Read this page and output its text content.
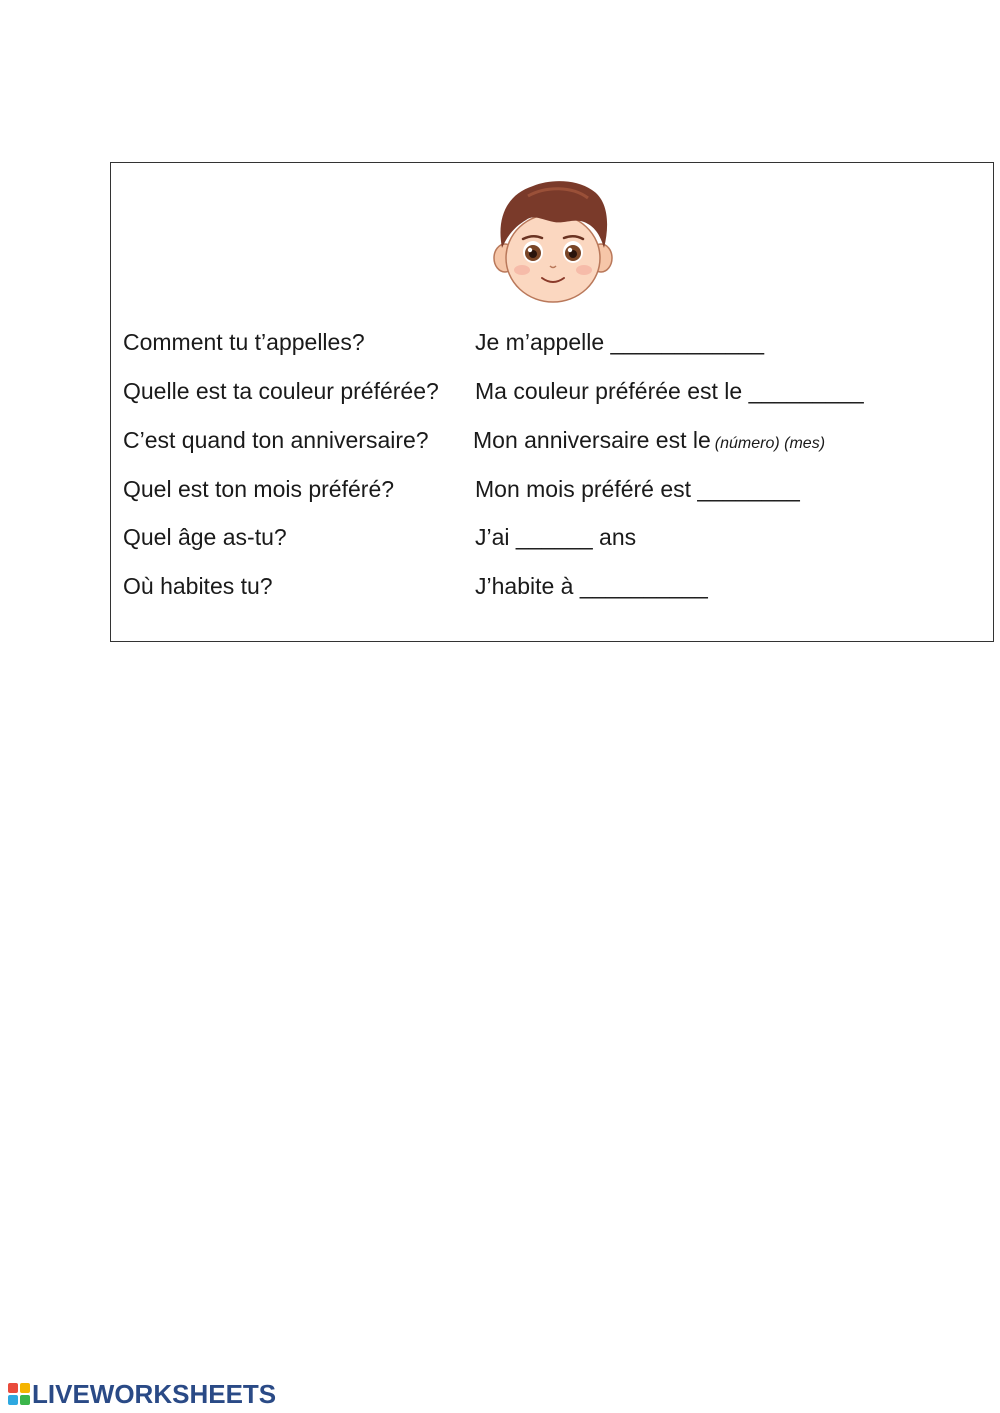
Comment tu t’appelles?	Je m’appelle ____________
Quelle est ta couleur préférée? Ma couleur préférée est le _________
C’est quand ton anniversaire? Mon anniversaire est le (número) (mes)
Quel est ton mois préféré?	Mon mois préféré est ________
Quel âge as-tu?	J’ai ______ ans
Où habites tu?	J’habite à __________
LIVEWORKSHEETS
